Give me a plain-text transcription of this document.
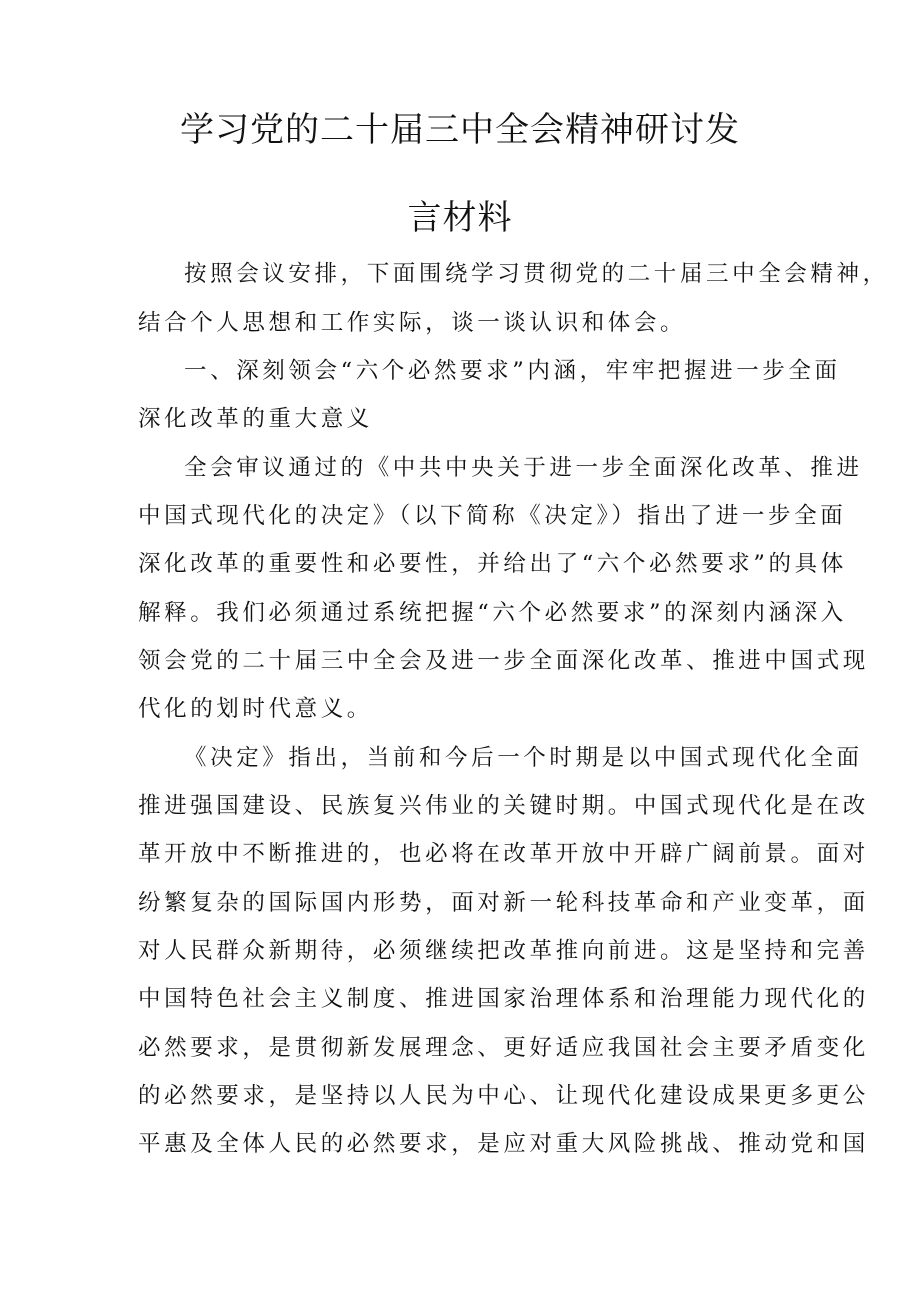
学习党的二十届三中全会精神研讨发
言材料

按照会议安排，下面围绕学习贯彻党的二十届三中全会精神，

结合个人思想和工作实际，谈一谈认识和体会。

一、深刻领会“六个必然要求”内涵，牢牢把握进一步全面

深化改革的重大意义

全会审议通过的《中共中央关于进一步全面深化改革、推进

中国式现代化的决定》（以下简称《决定》）指出了进一步全面

深化改革的重要性和必要性，并给出了“六个必然要求”的具体

解释。我们必须通过系统把握“六个必然要求”的深刻内涵深入

领会党的二十届三中全会及进一步全面深化改革、推进中国式现

代化的划时代意义。

《决定》指出，当前和今后一个时期是以中国式现代化全面

推进强国建设、民族复兴伟业的关键时期。中国式现代化是在改

革开放中不断推进的，也必将在改革开放中开辟广阔前景。面对

纷繁复杂的国际国内形势，面对新一轮科技革命和产业变革，面

对人民群众新期待，必须继续把改革推向前进。这是坚持和完善

中国特色社会主义制度、推进国家治理体系和治理能力现代化的

必然要求，是贯彻新发展理念、更好适应我国社会主要矛盾变化

的必然要求，是坚持以人民为中心、让现代化建设成果更多更公

平惠及全体人民的必然要求，是应对重大风险挑战、推动党和国
